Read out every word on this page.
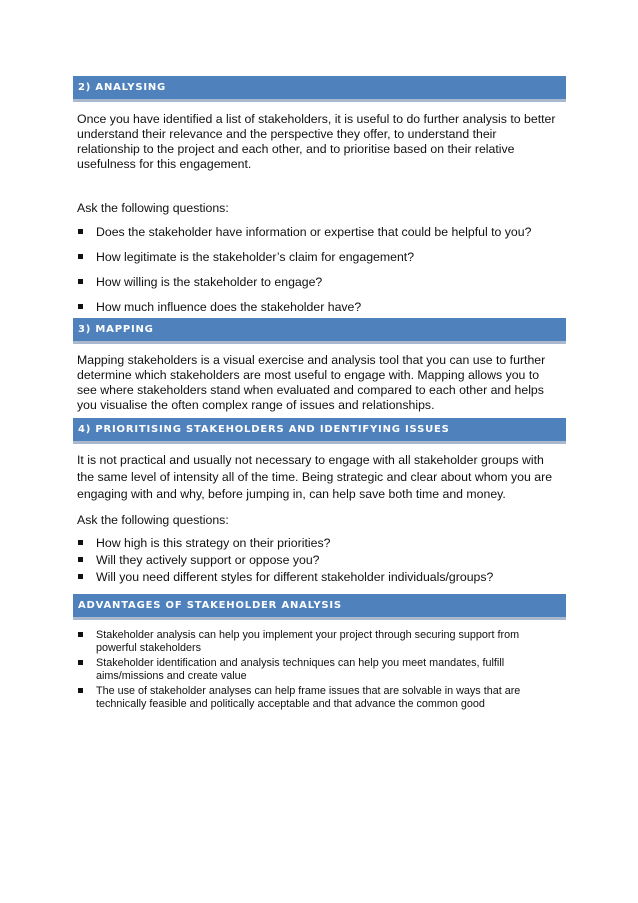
2) ANALYSING

Once you have identified a list of stakeholders, it is useful to do further analysis to better understand their relevance and the perspective they offer, to understand their relationship to the project and each other, and to prioritise based on their relative usefulness for this engagement.

Ask the following questions:

Does the stakeholder have information or expertise that could be helpful to you?
How legitimate is the stakeholder’s claim for engagement?
How willing is the stakeholder to engage?
How much influence does the stakeholder have?
3) MAPPING

Mapping stakeholders is a visual exercise and analysis tool that you can use to further determine which stakeholders are most useful to engage with. Mapping allows you to see where stakeholders stand when evaluated and compared to each other and helps you visualise the often complex range of issues and relationships.

4) PRIORITISING STAKEHOLDERS AND IDENTIFYING ISSUES

It is not practical and usually not necessary to engage with all stakeholder groups with the same level of intensity all of the time. Being strategic and clear about whom you are engaging with and why, before jumping in, can help save both time and money.

Ask the following questions:

How high is this strategy on their priorities?
Will they actively support or oppose you?
Will you need different styles for different stakeholder individuals/groups?
ADVANTAGES OF STAKEHOLDER ANALYSIS
Stakeholder analysis can help you implement your project through securing support from powerful stakeholders
Stakeholder identification and analysis techniques can help you meet mandates, fulfill aims/missions and create value
The use of stakeholder analyses can help frame issues that are solvable in ways that are technically feasible and politically acceptable and that advance the common good
